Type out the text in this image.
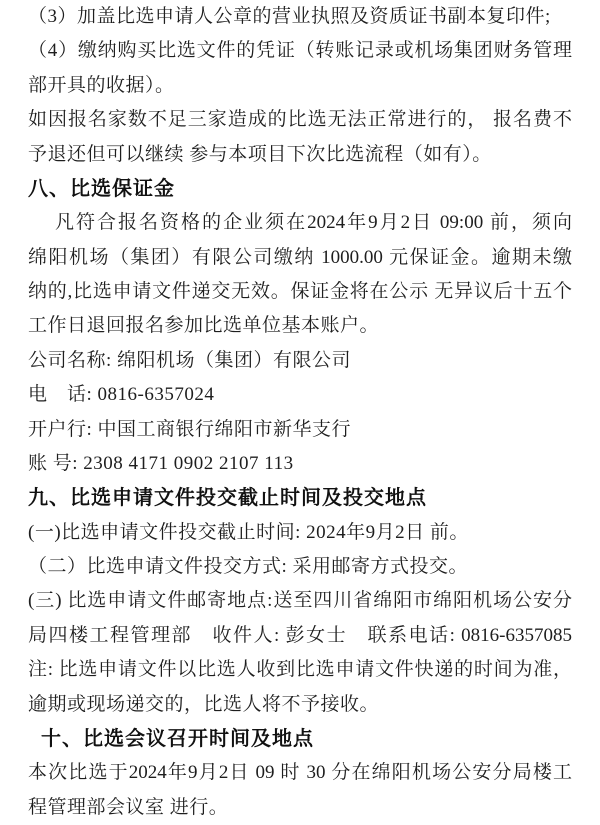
（3）加盖比选申请人公章的营业执照及资质证书副本复印件;
（4）缴纳购买比选文件的凭证（转账记录或机场集团财务管理
部开具的收据）。
如因报名家数不足三家造成的比选无法正常进行的， 报名费不
予退还但可以继续 参与本项目下次比选流程（如有）。
八、比选保证金
凡符合报名资格的企业须在2024年9月2日 09:00 前，须向
绵阳机场（集团）有限公司缴纳 1000.00 元保证金。逾期未缴
纳的,比选申请文件递交无效。保证金将在公示 无异议后十五个
工作日退回报名参加比选单位基本账户。
公司名称: 绵阳机场（集团）有限公司
电　话: 0816-6357024
开户行: 中国工商银行绵阳市新华支行
账 号: 2308 4171 0902 2107 113
九、比选申请文件投交截止时间及投交地点
(一)比选申请文件投交截止时间: 2024年9月2日 前。
（二）比选申请文件投交方式: 采用邮寄方式投交。
(三) 比选申请文件邮寄地点:送至四川省绵阳市绵阳机场公安分
局四楼工程管理部　收件人: 彭女士　联系电话: 0816-6357085
注: 比选申请文件以比选人收到比选申请文件快递的时间为准，
逾期或现场递交的，比选人将不予接收。
十、比选会议召开时间及地点
本次比选于2024年9月2日 09 时 30 分在绵阳机场公安分局楼工
程管理部会议室 进行。
